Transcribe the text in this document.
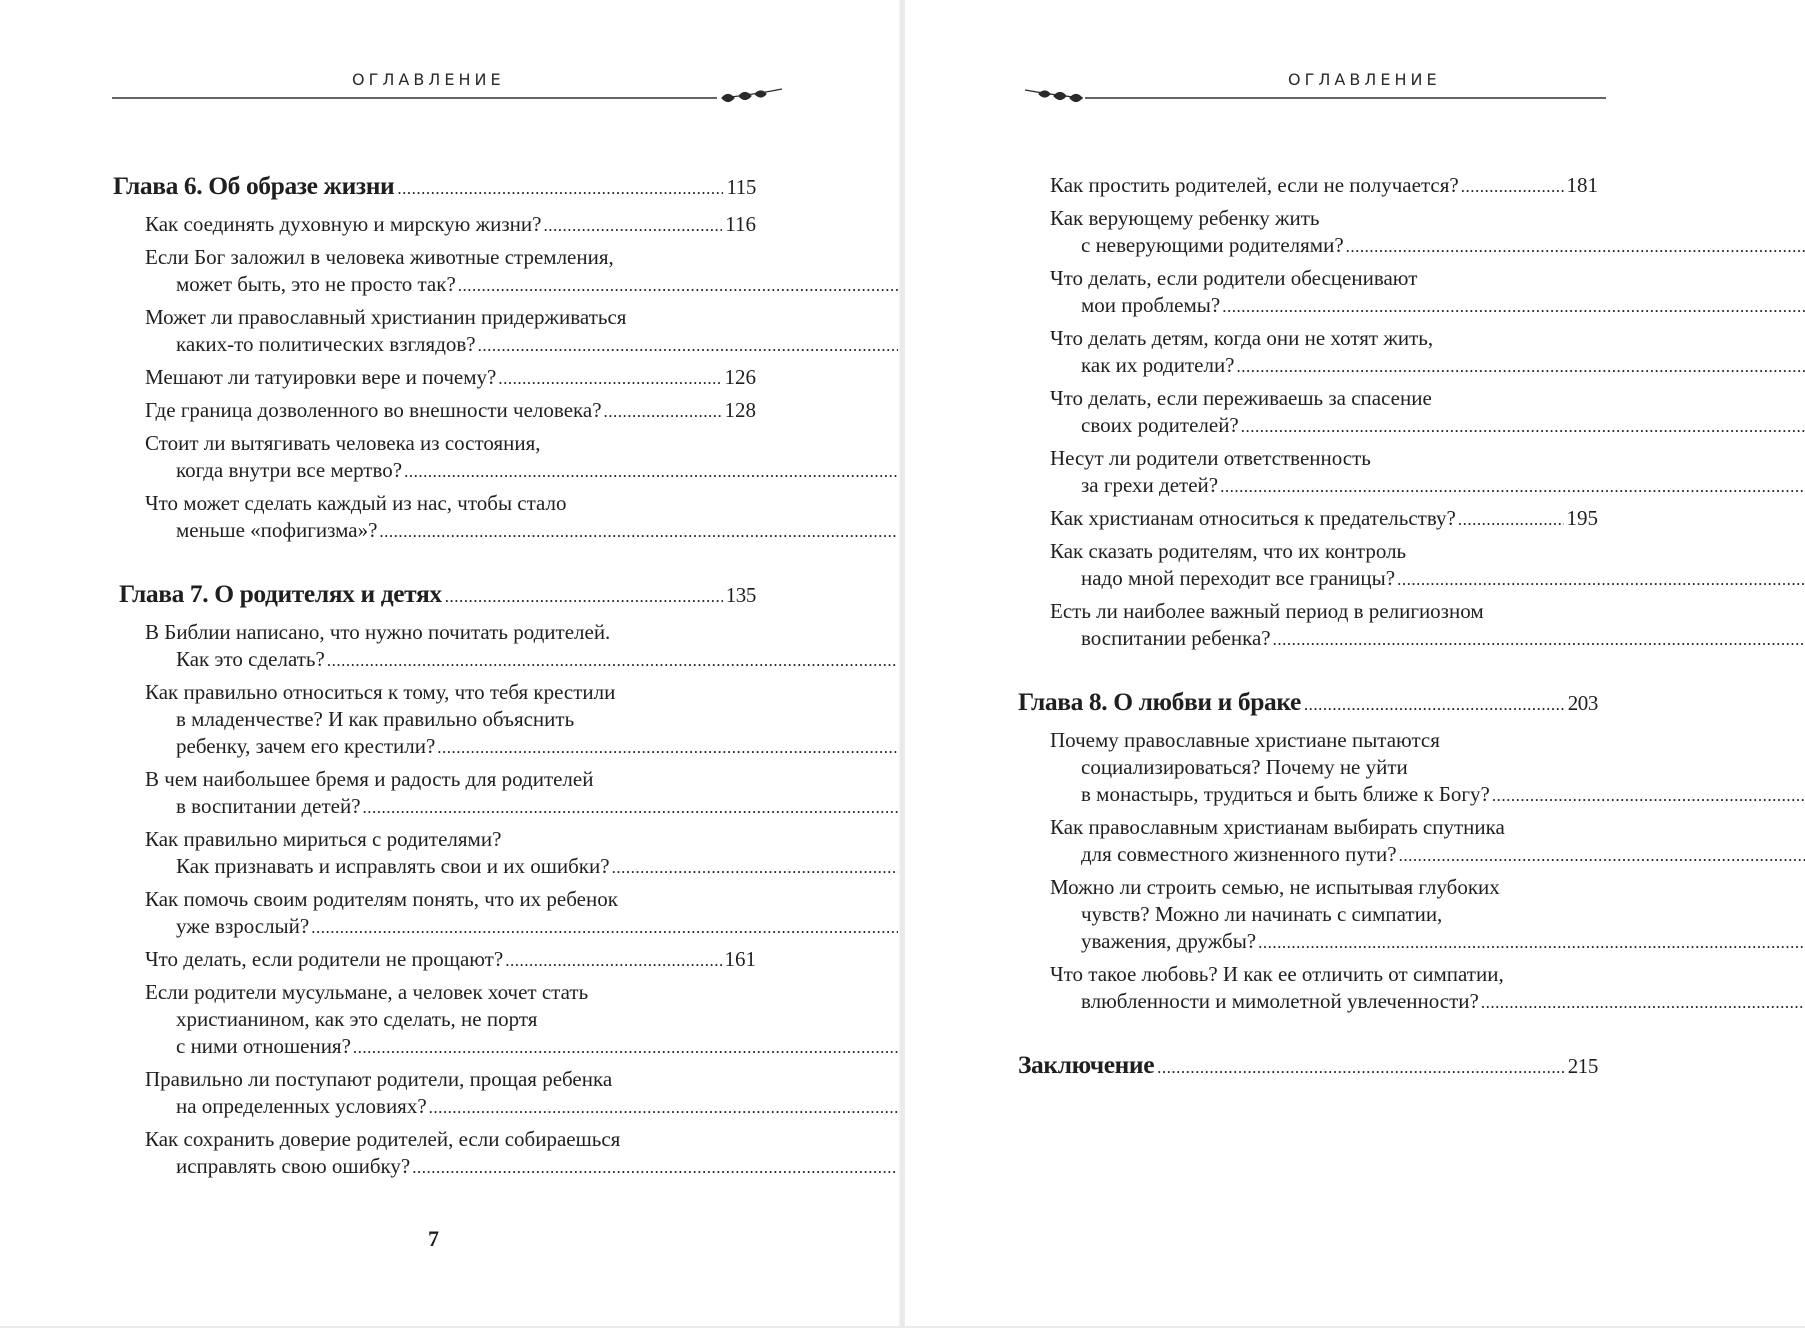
ОГЛАВЛЕНИЕ
Глава 6. Об образе жизни .....	115
Как соединять духовную и мирскую жизни? .....	116
Если Бог заложил в человека животные стремления,
может быть, это не просто так? .....
Может ли православный христианин придерживаться
каких-то политических взглядов? .....
Мешают ли татуировки вере и почему? .....	126
Где граница дозволенного во внешности человека? .....	128
Стоит ли вытягивать человека из состояния,
когда внутри все мертво? .....
Что может сделать каждый из нас, чтобы стало
меньше «пофигизма»? .....
Глава 7. О родителях и детях .....	135
В Библии написано, что нужно почитать родителей.
Как это сделать? .....
Как правильно относиться к тому, что тебя крестили
в младенчестве? И как правильно объяснить
ребенку, зачем его крестили? .....
В чем наибольшее бремя и радость для родителей
в воспитании детей? .....
Как правильно мириться с родителями?
Как признавать и исправлять свои и их ошибки? .....
Как помочь своим родителям понять, что их ребенок
уже взрослый? .....
Что делать, если родители не прощают? .....	161
Если родители мусульмане, а человек хочет стать
христианином, как это сделать, не портя
с ними отношения? .....
Правильно ли поступают родители, прощая ребенка
на определенных условиях? .....
Как сохранить доверие родителей, если собираешься
исправлять свою ошибку? .....
7
ОГЛАВЛЕНИЕ
Как простить родителей, если не получается? .....	181
Как верующему ребенку жить
с неверующими родителями? .....
Что делать, если родители обесценивают
мои проблемы? .....
Что делать детям, когда они не хотят жить,
как их родители? .....
Что делать, если переживаешь за спасение
своих родителей? .....
Несут ли родители ответственность
за грехи детей? .....
Как христианам относиться к предательству? .....	195
Как сказать родителям, что их контроль
надо мной переходит все границы? .....
Есть ли наиболее важный период в религиозном
воспитании ребенка? .....
Глава 8. О любви и браке .....	203
Почему православные христиане пытаются
социализироваться? Почему не уйти
в монастырь, трудиться и быть ближе к Богу? .....
Как православным христианам выбирать спутника
для совместного жизненного пути? .....
Можно ли строить семью, не испытывая глубоких
чувств? Можно ли начинать с симпатии,
уважения, дружбы? .....
Что такое любовь? И как ее отличить от симпатии,
влюбленности и мимолетной увлеченности? .....
Заключение .....	215
